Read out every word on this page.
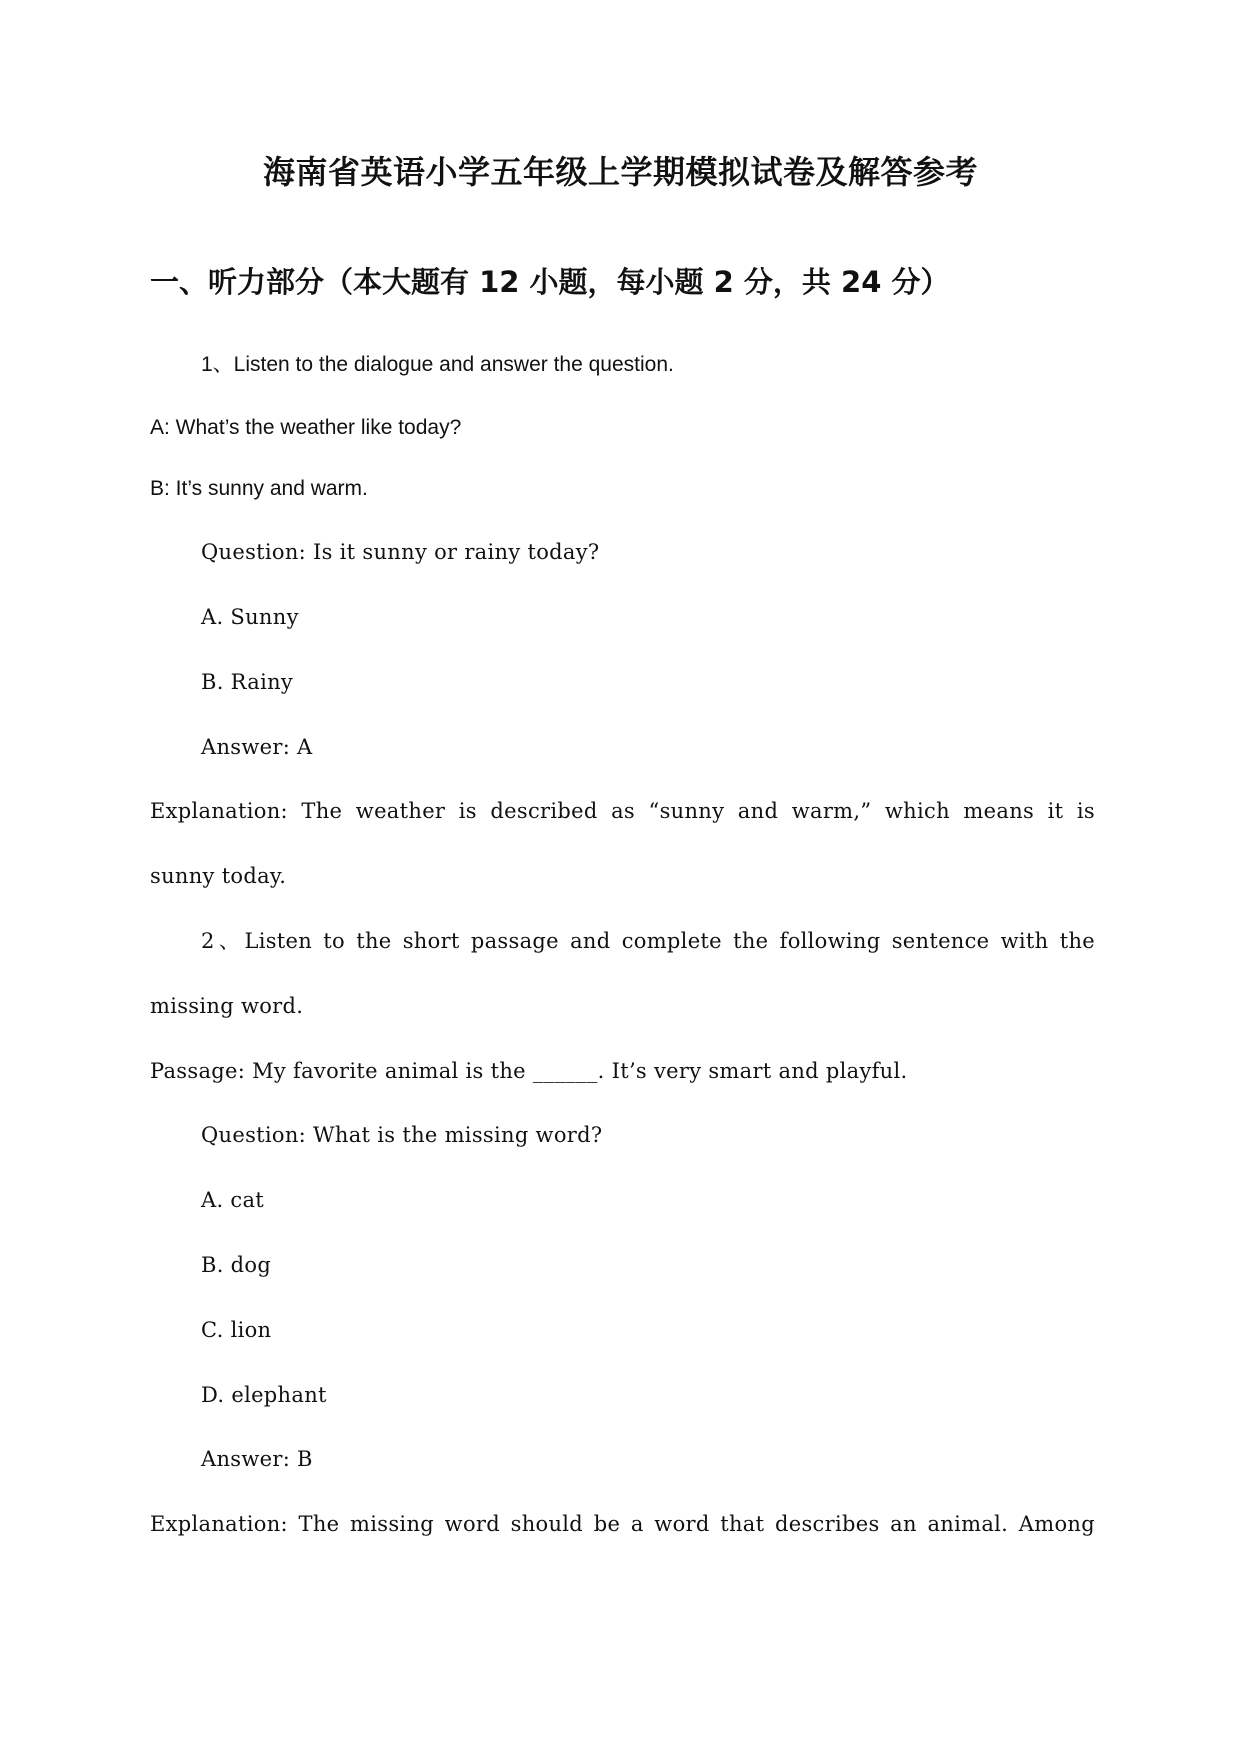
海南省英语小学五年级上学期模拟试卷及解答参考
一、听力部分（本大题有 12 小题，每小题 2 分，共 24 分）

1、Listen to the dialogue and answer the question.

A: What’s the weather like today?

B: It’s sunny and warm.

Question: Is it sunny or rainy today?

A. Sunny

B. Rainy

Answer: A

Explanation: The weather is described as “sunny and warm,” which means it is

sunny today.

2、Listen to the short passage and complete the following sentence with the

missing word.

Passage: My favorite animal is the ______. It’s very smart and playful.

Question: What is the missing word?

A. cat

B. dog

C. lion

D. elephant

Answer: B

Explanation: The missing word should be a word that describes an animal. Among
